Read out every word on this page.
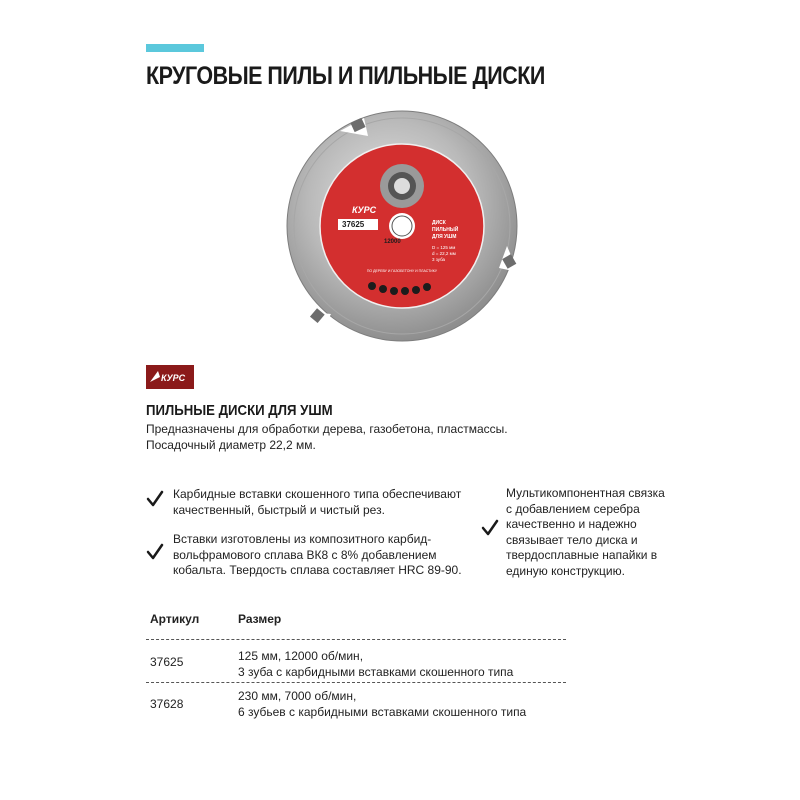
КРУГОВЫЕ ПИЛЫ И ПИЛЬНЫЕ ДИСКИ
КУРС
37625
12000
ДИСК
ПИЛЬНЫЙ
ДЛЯ УШМ
D = 125 мм
d = 22,2 мм
3 зуба
ПО ДЕРЕВУ И ГАЗОБЕТОНУ И ПЛАСТИКУ
КУРС
ПИЛЬНЫЕ ДИСКИ ДЛЯ УШМ

Предназначены для обработки дерева, газобетона, пластмассы.

Посадочный диаметр 22,2 мм.

Карбидные вставки скошенного типа обеспечивают

качественный, быстрый и чистый рез.

Вставки изготовлены из композитного карбид-

вольфрамового сплава ВК8 с 8% добавлением

кобальта. Твердость сплава составляет HRC 89-90.

Мультикомпонентная связка

с добавлением серебра

качественно и надежно

связывает тело диска и

твердосплавные напайки в

единую конструкцию.

Артикул	Размер
37625	125 мм, 12000 об/мин,

3 зуба с карбидными вставками скошенного типа

37628

230 мм, 7000 об/мин,

6 зубьев с карбидными вставками скошенного типа
